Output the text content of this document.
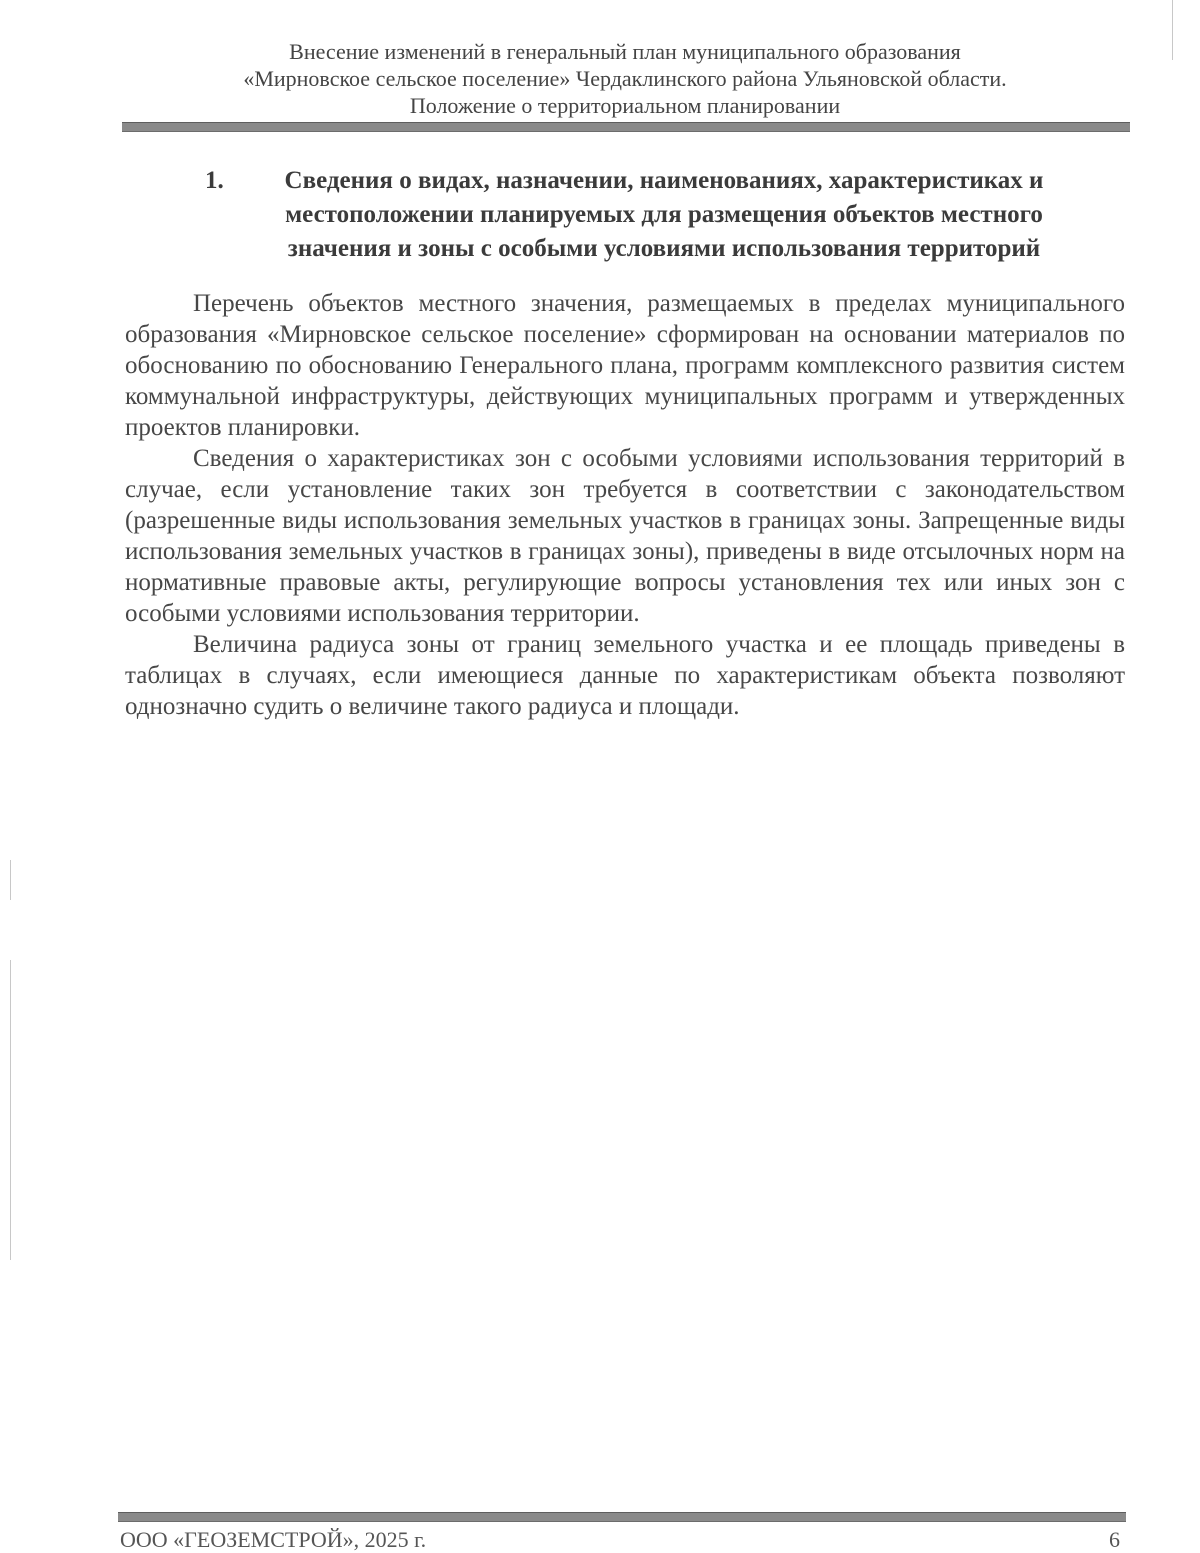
Внесение изменений в генеральный план муниципального образования
«Мирновское сельское поселение» Чердаклинского района Ульяновской области.
Положение о территориальном планировании
1.	Сведения о видах, назначении, наименованиях, характеристиках и местоположении планируемых для размещения объектов местного значения и зоны с особыми условиями использования территорий

Перечень объектов местного значения, размещаемых в пределах муниципального образования «Мирновское сельское поселение» сформирован на основании материалов по обоснованию по обоснованию Генерального плана, программ комплексного развития систем коммунальной инфраструктуры, действующих муниципальных программ и утвержденных проектов планировки.

Сведения о характеристиках зон с особыми условиями использования территорий в случае, если установление таких зон требуется в соответствии с законодательством (разрешенные виды использования земельных участков в границах зоны. Запрещенные виды использования земельных участков в границах зоны), приведены в виде отсылочных норм на нормативные правовые акты, регулирующие вопросы установления тех или иных зон с особыми условиями использования территории.

Величина радиуса зоны от границ земельного участка и ее площадь приведены в таблицах в случаях, если имеющиеся данные по характеристикам объекта позволяют однозначно судить о величине такого радиуса и площади.

ООО «ГЕОЗЕМСТРОЙ», 2025 г.	6
